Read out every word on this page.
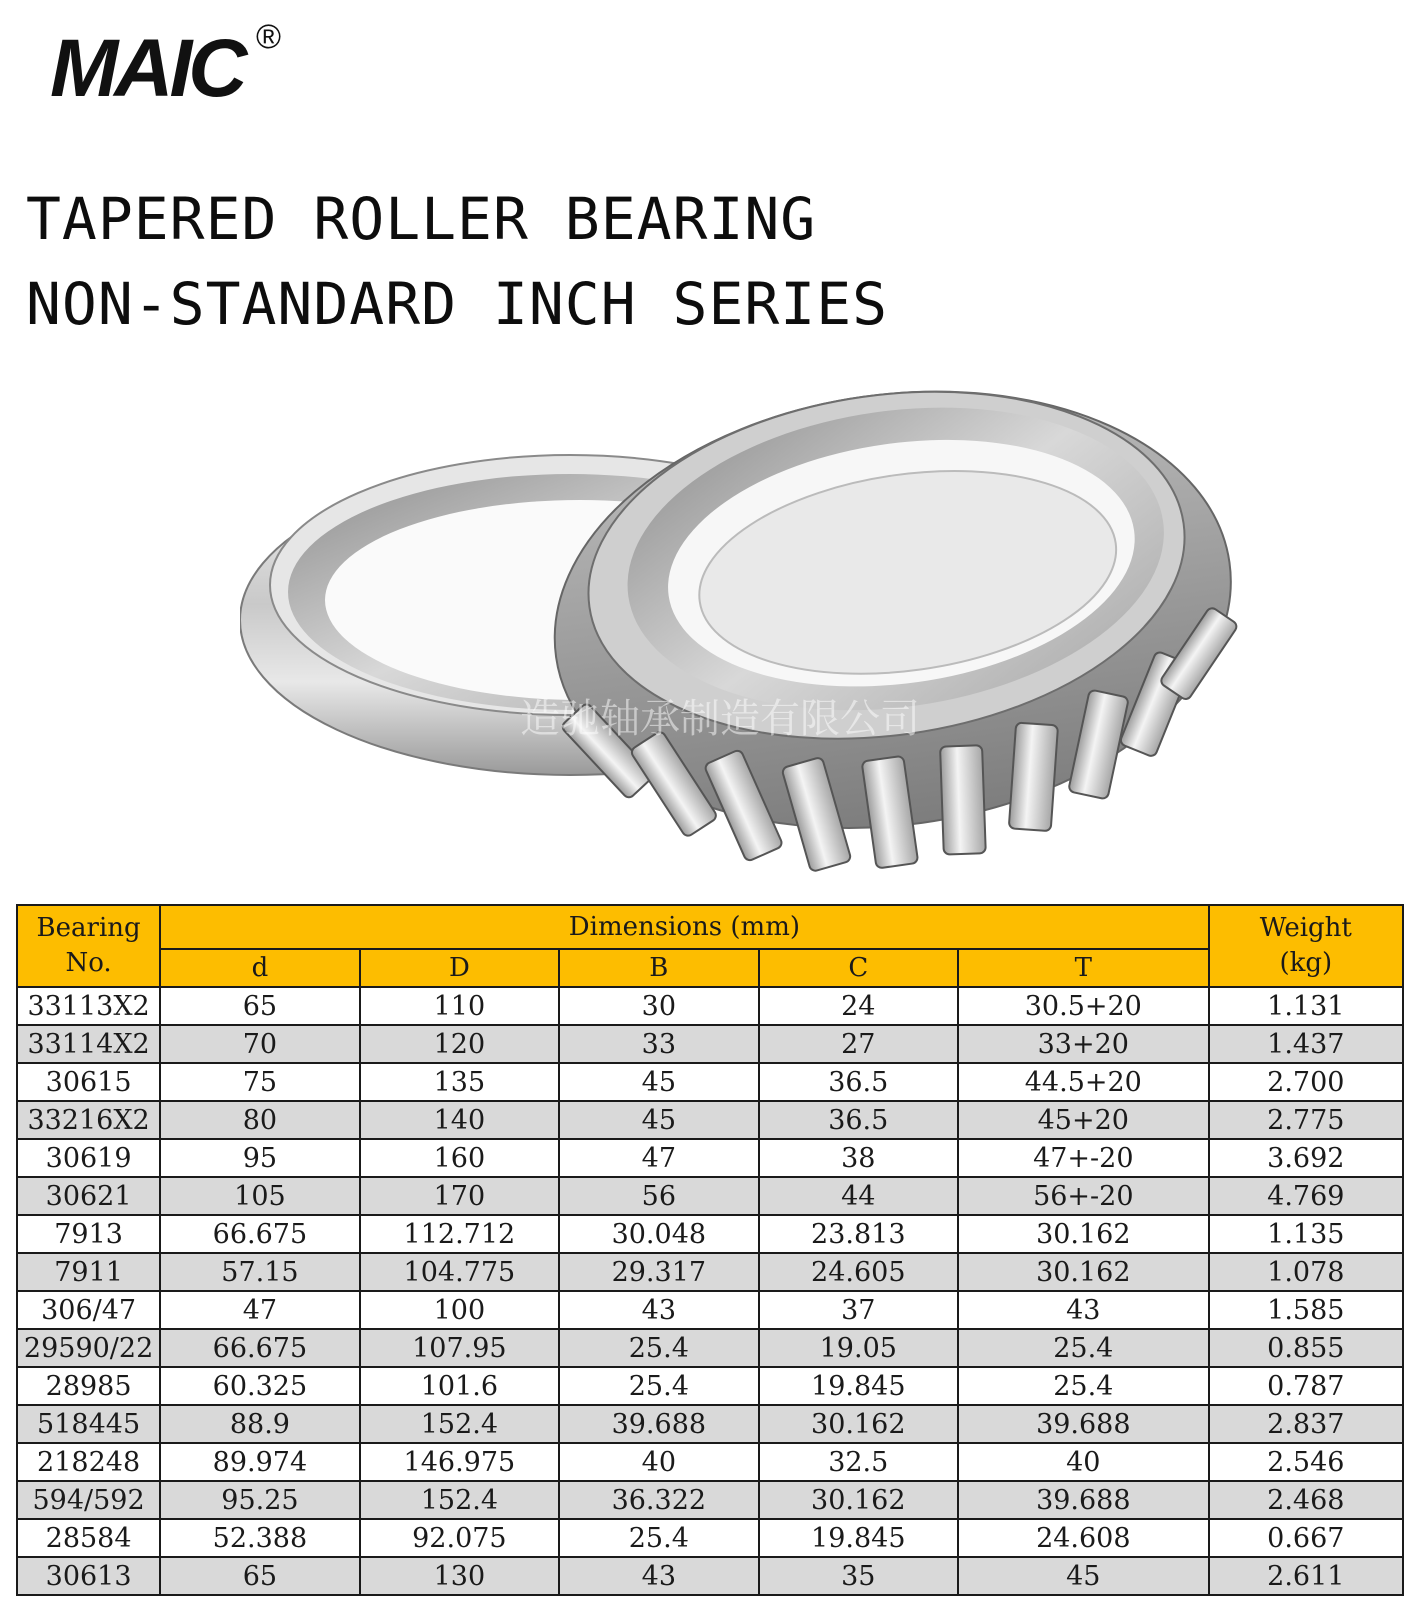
MAIC ®
TAPERED ROLLER BEARING
NON-STANDARD INCH SERIES
造驰轴承制造有限公司
Bearing
No.	Dimensions (mm)					Weight
(kg)

	d	D	B	C	T	
33113X2	65	110	30	24	30.5+20	1.131
33114X2	70	120	33	27	33+20	1.437
30615	75	135	45	36.5	44.5+20	2.700
33216X2	80	140	45	36.5	45+20	2.775
30619	95	160	47	38	47+-20	3.692
30621	105	170	56	44	56+-20	4.769
7913	66.675	112.712	30.048	23.813	30.162	1.135
7911	57.15	104.775	29.317	24.605	30.162	1.078
306/47	47	100	43	37	43	1.585
29590/22	66.675	107.95	25.4	19.05	25.4	0.855
28985	60.325	101.6	25.4	19.845	25.4	0.787
518445	88.9	152.4	39.688	30.162	39.688	2.837
218248	89.974	146.975	40	32.5	40	2.546
594/592	95.25	152.4	36.322	30.162	39.688	2.468
28584	52.388	92.075	25.4	19.845	24.608	0.667
30613	65	130	43	35	45	2.611
